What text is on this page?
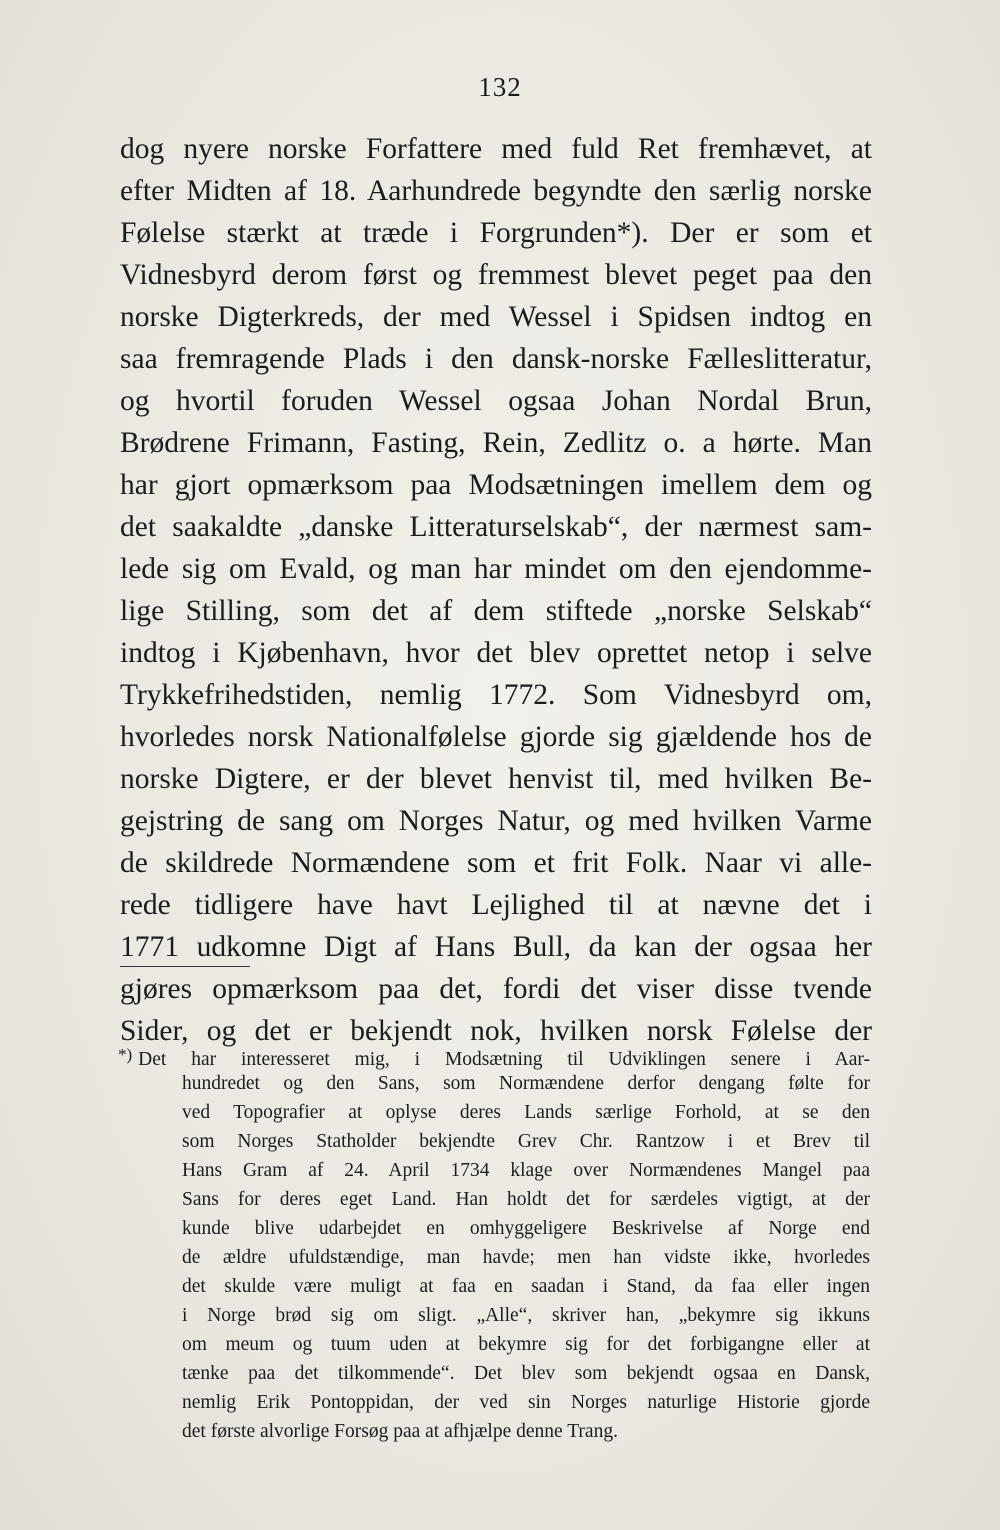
132
dog nyere norske Forfattere med fuld Ret fremhævet, at
efter Midten af 18. Aarhundrede begyndte den særlig norske
Følelse stærkt at træde i Forgrunden*). Der er som et
Vidnesbyrd derom først og fremmest blevet peget paa den
norske Digterkreds, der med Wessel i Spidsen indtog en
saa fremragende Plads i den dansk-norske Fælleslitteratur,
og hvortil foruden Wessel ogsaa Johan Nordal Brun,
Brødrene Frimann, Fasting, Rein, Zedlitz o. a hørte. Man
har gjort opmærksom paa Modsætningen imellem dem og
det saakaldte „danske Litteraturselskab“, der nærmest sam-
lede sig om Evald, og man har mindet om den ejendomme-
lige Stilling, som det af dem stiftede „norske Selskab“
indtog i Kjøbenhavn, hvor det blev oprettet netop i selve
Trykkefrihedstiden, nemlig 1772. Som Vidnesbyrd om,
hvorledes norsk Nationalfølelse gjorde sig gjældende hos de
norske Digtere, er der blevet henvist til, med hvilken Be-
gejstring de sang om Norges Natur, og med hvilken Varme
de skildrede Normændene som et frit Folk. Naar vi alle-
rede tidligere have havt Lejlighed til at nævne det i
1771 udkomne Digt af Hans Bull, da kan der ogsaa her
gjøres opmærksom paa det, fordi det viser disse tvende
Sider, og det er bekjendt nok, hvilken norsk Følelse der
*) Det har interesseret mig, i Modsætning til Udviklingen senere i Aar-
hundredet og den Sans, som Normændene derfor dengang følte for
ved Topografier at oplyse deres Lands særlige Forhold, at se den
som Norges Statholder bekjendte Grev Chr. Rantzow i et Brev til
Hans Gram af 24. April 1734 klage over Normændenes Mangel paa
Sans for deres eget Land. Han holdt det for særdeles vigtigt, at der
kunde blive udarbejdet en omhyggeligere Beskrivelse af Norge end
de ældre ufuldstændige, man havde; men han vidste ikke, hvorledes
det skulde være muligt at faa en saadan i Stand, da faa eller ingen
i Norge brød sig om sligt. „Alle“, skriver han, „bekymre sig ikkuns
om meum og tuum uden at bekymre sig for det forbigangne eller at
tænke paa det tilkommende“. Det blev som bekjendt ogsaa en Dansk,
nemlig Erik Pontoppidan, der ved sin Norges naturlige Historie gjorde
det første alvorlige Forsøg paa at afhjælpe denne Trang.
